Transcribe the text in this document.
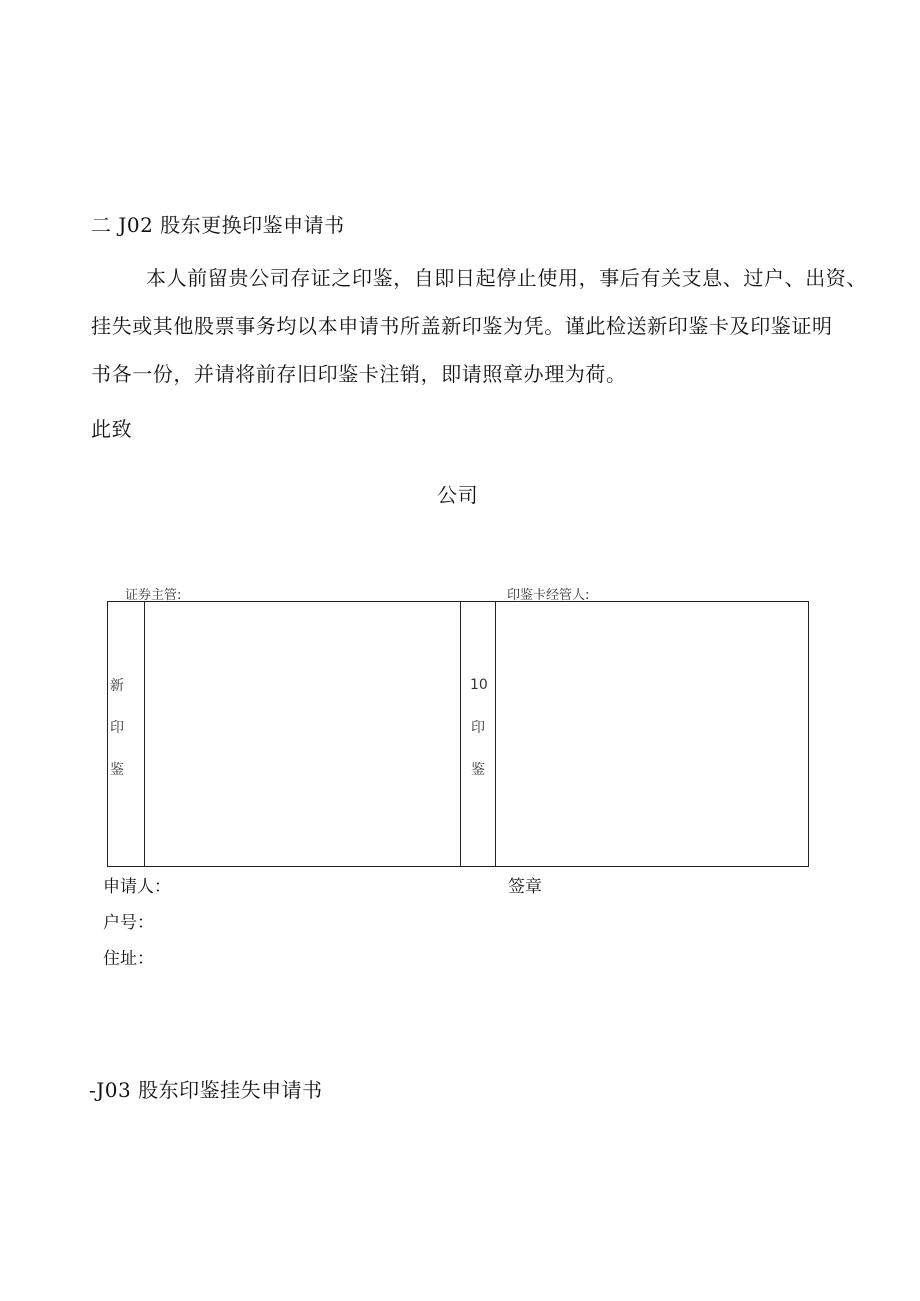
二 J02 股东更换印鉴申请书
本人前留贵公司存证之印鉴，自即日起停止使用，事后有关支息、过户、出资、
挂失或其他股票事务均以本申请书所盖新印鉴为凭。谨此检送新印鉴卡及印鉴证明
书各一份，并请将前存旧印鉴卡注销，即请照章办理为荷。
此致
公司
证券主管:	印鉴卡经管人:
新
印
鉴
10
印
鉴
申请人：	签章
户号：
住址：
-J03 股东印鉴挂失申请书
